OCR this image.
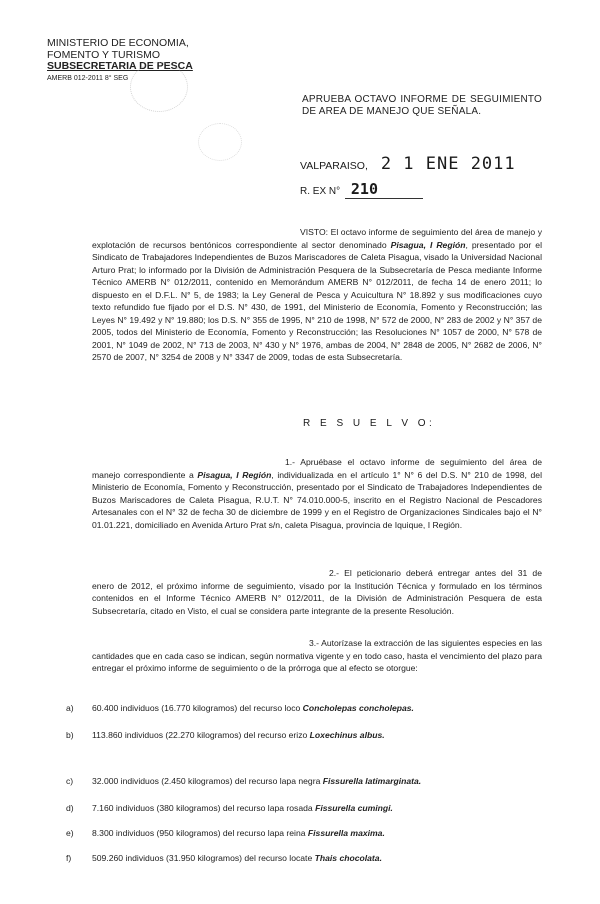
MINISTERIO DE ECONOMIA,
FOMENTO Y TURISMO
SUBSECRETARIA DE PESCA
AMERB 012-2011 8° SEG
APRUEBA OCTAVO INFORME DE SEGUIMIENTO DE AREA DE MANEJO QUE SEÑALA.
VALPARAISO, 2 1 ENE 2011
R. EX N° 210
VISTO: El octavo informe de seguimiento del área de manejo y explotación de recursos bentónicos correspondiente al sector denominado Pisagua, I Región, presentado por el Sindicato de Trabajadores Independientes de Buzos Mariscadores de Caleta Pisagua, visado la Universidad Nacional Arturo Prat; lo informado por la División de Administración Pesquera de la Subsecretaría de Pesca mediante Informe Técnico AMERB N° 012/2011, contenido en Memorándum AMERB N° 012/2011, de fecha 14 de enero 2011; lo dispuesto en el D.F.L. N° 5, de 1983; la Ley General de Pesca y Acuicultura N° 18.892 y sus modificaciones cuyo texto refundido fue fijado por el D.S. N° 430, de 1991, del Ministerio de Economía, Fomento y Reconstrucción; las Leyes N° 19.492 y N° 19.880; los D.S. N° 355 de 1995, N° 210 de 1998, N° 572 de 2000, N° 283 de 2002 y N° 357 de 2005, todos del Ministerio de Economía, Fomento y Reconstrucción; las Resoluciones N° 1057 de 2000, N° 578 de 2001, N° 1049 de 2002, N° 713 de 2003, N° 430 y N° 1976, ambas de 2004, N° 2848 de 2005, N° 2682 de 2006, N° 2570 de 2007, N° 3254 de 2008 y N° 3347 de 2009, todas de esta Subsecretaría.
R E S U E L V O:
1.- Apruébase el octavo informe de seguimiento del área de manejo correspondiente a Pisagua, I Región, individualizada en el artículo 1° N° 6 del D.S. N° 210 de 1998, del Ministerio de Economía, Fomento y Reconstrucción, presentado por el Sindicato de Trabajadores Independientes de Buzos Mariscadores de Caleta Pisagua, R.U.T. N° 74.010.000-5, inscrito en el Registro Nacional de Pescadores Artesanales con el N° 32 de fecha 30 de diciembre de 1999 y en el Registro de Organizaciones Sindicales bajo el N° 01.01.221, domiciliado en Avenida Arturo Prat s/n, caleta Pisagua, provincia de Iquique, I Región.
2.- El peticionario deberá entregar antes del 31 de enero de 2012, el próximo informe de seguimiento, visado por la Institución Técnica y formulado en los términos contenidos en el Informe Técnico AMERB N° 012/2011, de la División de Administración Pesquera de esta Subsecretaría, citado en Visto, el cual se considera parte integrante de la presente Resolución.
3.- Autorízase la extracción de las siguientes especies en las cantidades que en cada caso se indican, según normativa vigente y en todo caso, hasta el vencimiento del plazo para entregar el próximo informe de seguimiento o de la prórroga que al efecto se otorgue:
a) 60.400 individuos (16.770 kilogramos) del recurso loco Concholepas concholepas.
b) 113.860 individuos (22.270 kilogramos) del recurso erizo Loxechinus albus.
c) 32.000 individuos (2.450 kilogramos) del recurso lapa negra Fissurella latimarginata.
d) 7.160 individuos (380 kilogramos) del recurso lapa rosada Fissurella cumingi.
e) 8.300 individuos (950 kilogramos) del recurso lapa reina Fissurella maxima.
f) 509.260 individuos (31.950 kilogramos) del recurso locate Thais chocolata.
